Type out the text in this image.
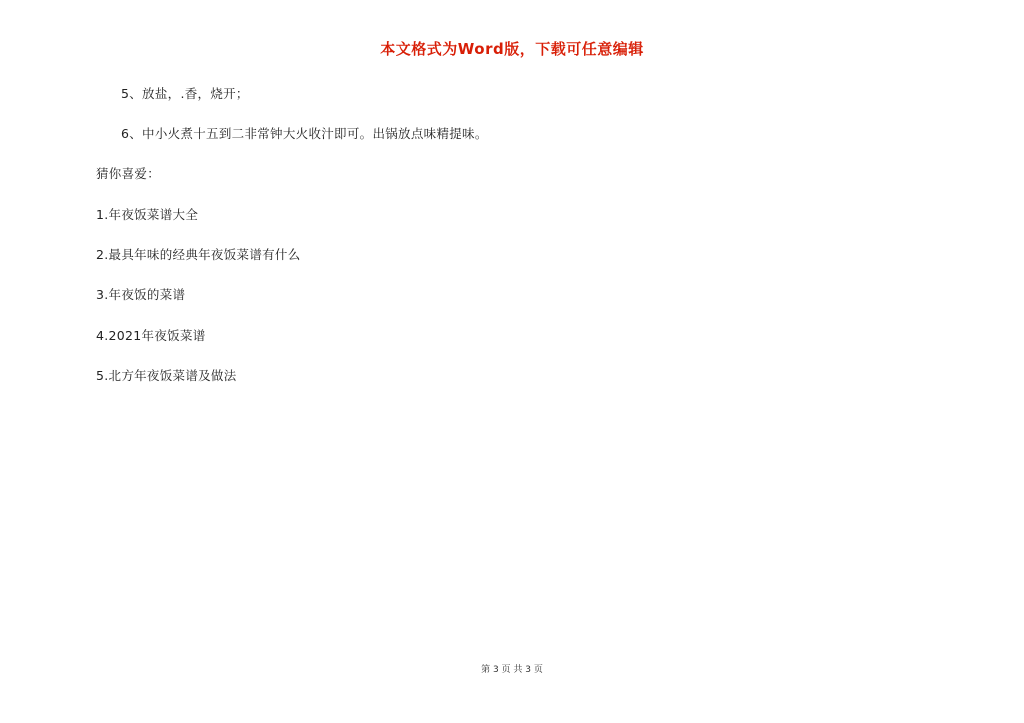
本文格式为Word版，下载可任意编辑
5、放盐，.香，烧开；
6、中小火煮十五到二非常钟大火收汁即可。出锅放点味精提味。
猜你喜爱：
1.年夜饭菜谱大全
2.最具年味的经典年夜饭菜谱有什么
3.年夜饭的菜谱
4.2021年夜饭菜谱
5.北方年夜饭菜谱及做法
第 3 页 共 3 页
